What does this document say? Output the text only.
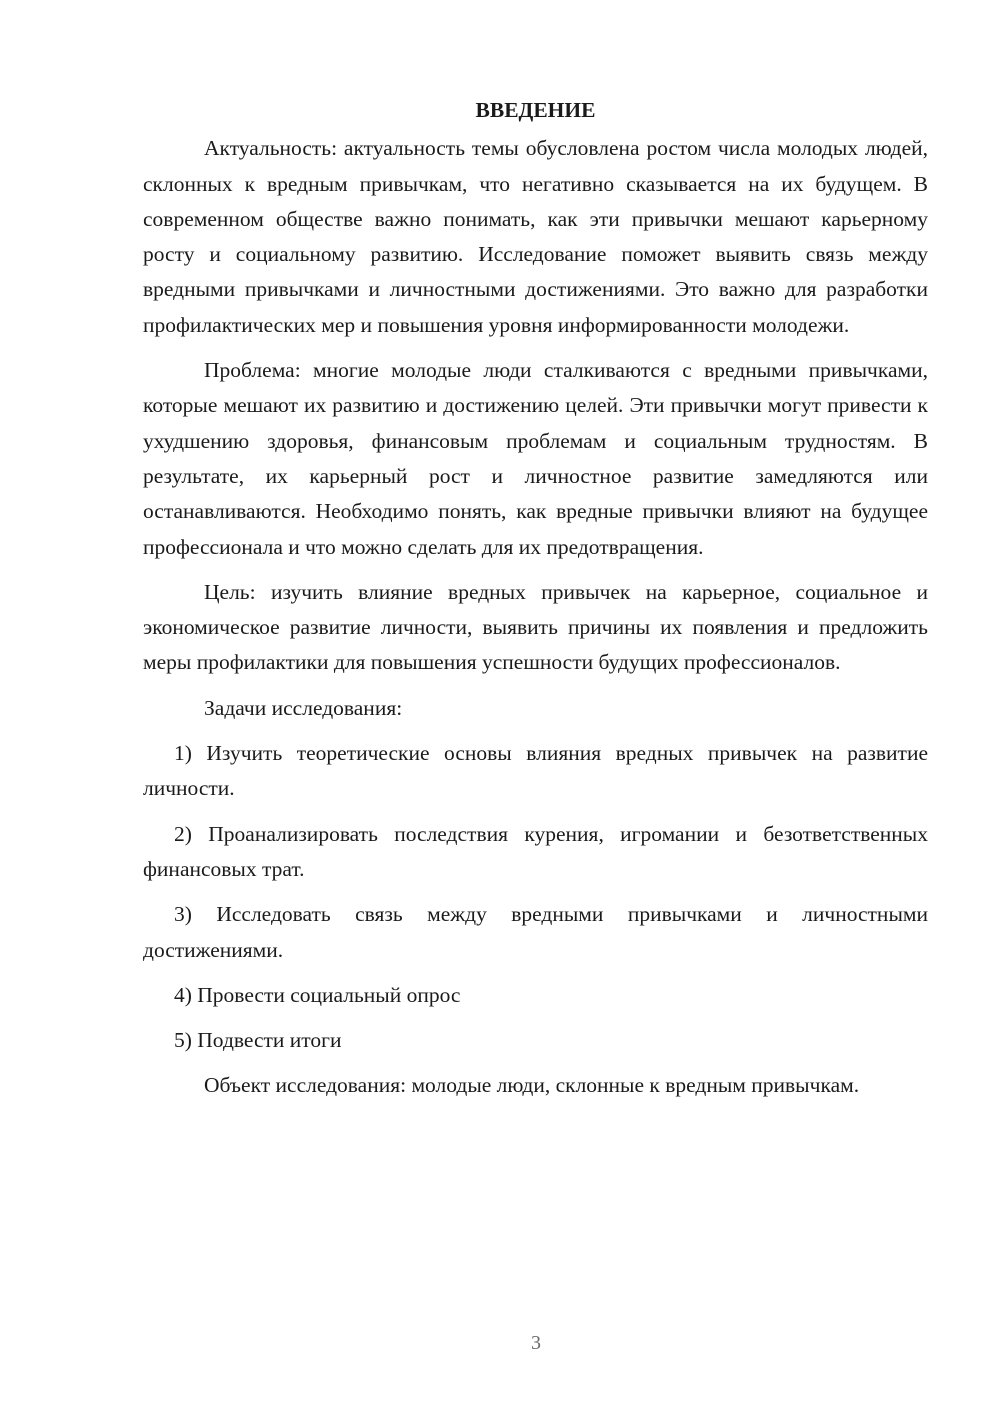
ВВЕДЕНИЕ

Актуальность: актуальность темы обусловлена ростом числа молодых людей, склонных к вредным привычкам, что негативно сказывается на их будущем. В современном обществе важно понимать, как эти привычки мешают карьерному росту и социальному развитию. Исследование поможет выявить связь между вредными привычками и личностными достижениями. Это важно для разработки профилактических мер и повышения уровня информированности молодежи.

Проблема: многие молодые люди сталкиваются с вредными привычками, которые мешают их развитию и достижению целей. Эти привычки могут привести к ухудшению здоровья, финансовым проблемам и социальным трудностям. В результате, их карьерный рост и личностное развитие замедляются или останавливаются. Необходимо понять, как вредные привычки влияют на будущее профессионала и что можно сделать для их предотвращения.

Цель: изучить влияние вредных привычек на карьерное, социальное и экономическое развитие личности, выявить причины их появления и предложить меры профилактики для повышения успешности будущих профессионалов.

Задачи исследования:

1) Изучить теоретические основы влияния вредных привычек на развитие личности.

2) Проанализировать последствия курения, игромании и безответственных финансовых трат.

3) Исследовать связь между вредными привычками и личностными достижениями.

4) Провести социальный опрос

5) Подвести итоги

Объект исследования: молодые люди, склонные к вредным привычкам.

3
